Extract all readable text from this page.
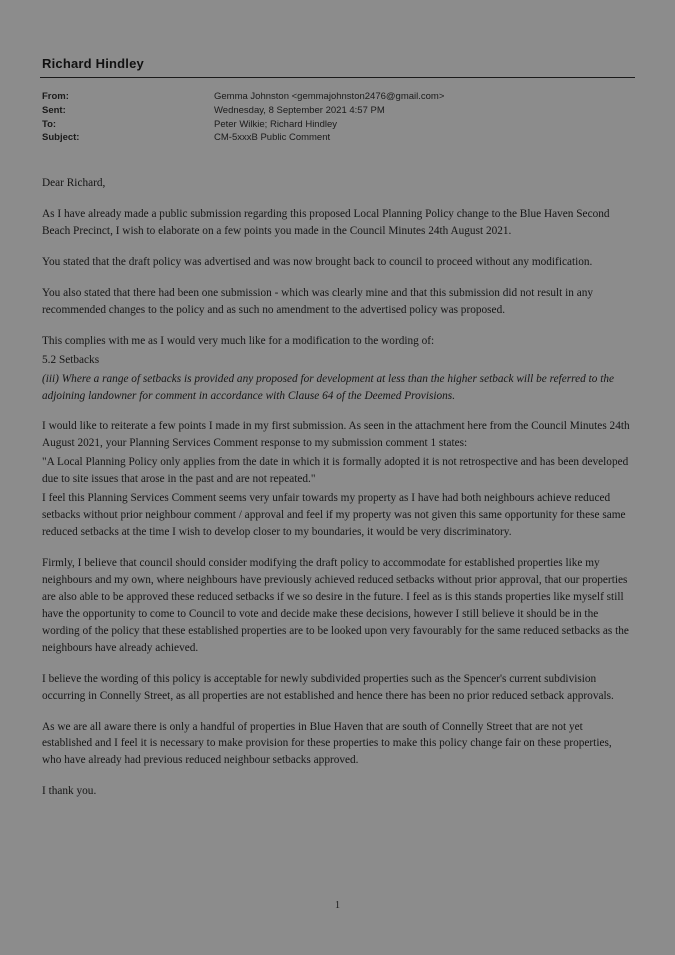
Richard Hindley
From:	Gemma Johnston <gemmajohnston2476@gmail.com>
Sent:	Wednesday, 8 September 2021 4:57 PM
To:	Peter Wilkie; Richard Hindley
Subject:	CM-5xxxB Public Comment

Dear Richard,

As I have already made a public submission regarding this proposed Local Planning Policy change to the Blue Haven Second Beach Precinct, I wish to elaborate on a few points you made in the Council Minutes 24th August 2021.

You stated that the draft policy was advertised and was now brought back to council to proceed without any modification.

You also stated that there had been one submission - which was clearly mine and that this submission did not result in any recommended changes to the policy and as such no amendment to the advertised policy was proposed.

This complies with me as I would very much like for a modification to the wording of:

5.2 Setbacks

(iii) Where a range of setbacks is provided any proposed for development at less than the higher setback will be referred to the adjoining landowner for comment in accordance with Clause 64 of the Deemed Provisions.

I would like to reiterate a few points I made in my first submission. As seen in the attachment here from the Council Minutes 24th August 2021, your Planning Services Comment response to my submission comment 1 states:

"A Local Planning Policy only applies from the date in which it is formally adopted it is not retrospective and has been developed due to site issues that arose in the past and are not repeated."

I feel this Planning Services Comment seems very unfair towards my property as I have had both neighbours achieve reduced setbacks without prior neighbour comment / approval and feel if my property was not given this same opportunity for these same reduced setbacks at the time I wish to develop closer to my boundaries, it would be very discriminatory.

Firmly, I believe that council should consider modifying the draft policy to accommodate for established properties like my neighbours and my own, where neighbours have previously achieved reduced setbacks without prior approval, that our properties are also able to be approved these reduced setbacks if we so desire in the future. I feel as is this stands properties like myself still have the opportunity to come to Council to vote and decide make these decisions, however I still believe it should be in the wording of the policy that these established properties are to be looked upon very favourably for the same reduced setbacks as the neighbours have already achieved.

I believe the wording of this policy is acceptable for newly subdivided properties such as the Spencer's current subdivision occurring in Connelly Street, as all properties are not established and hence there has been no prior reduced setback approvals.

As we are all aware there is only a handful of properties in Blue Haven that are south of Connelly Street that are not yet established and I feel it is necessary to make provision for these properties to make this policy change fair on these properties, who have already had previous reduced neighbour setbacks approved.

I thank you.

1
